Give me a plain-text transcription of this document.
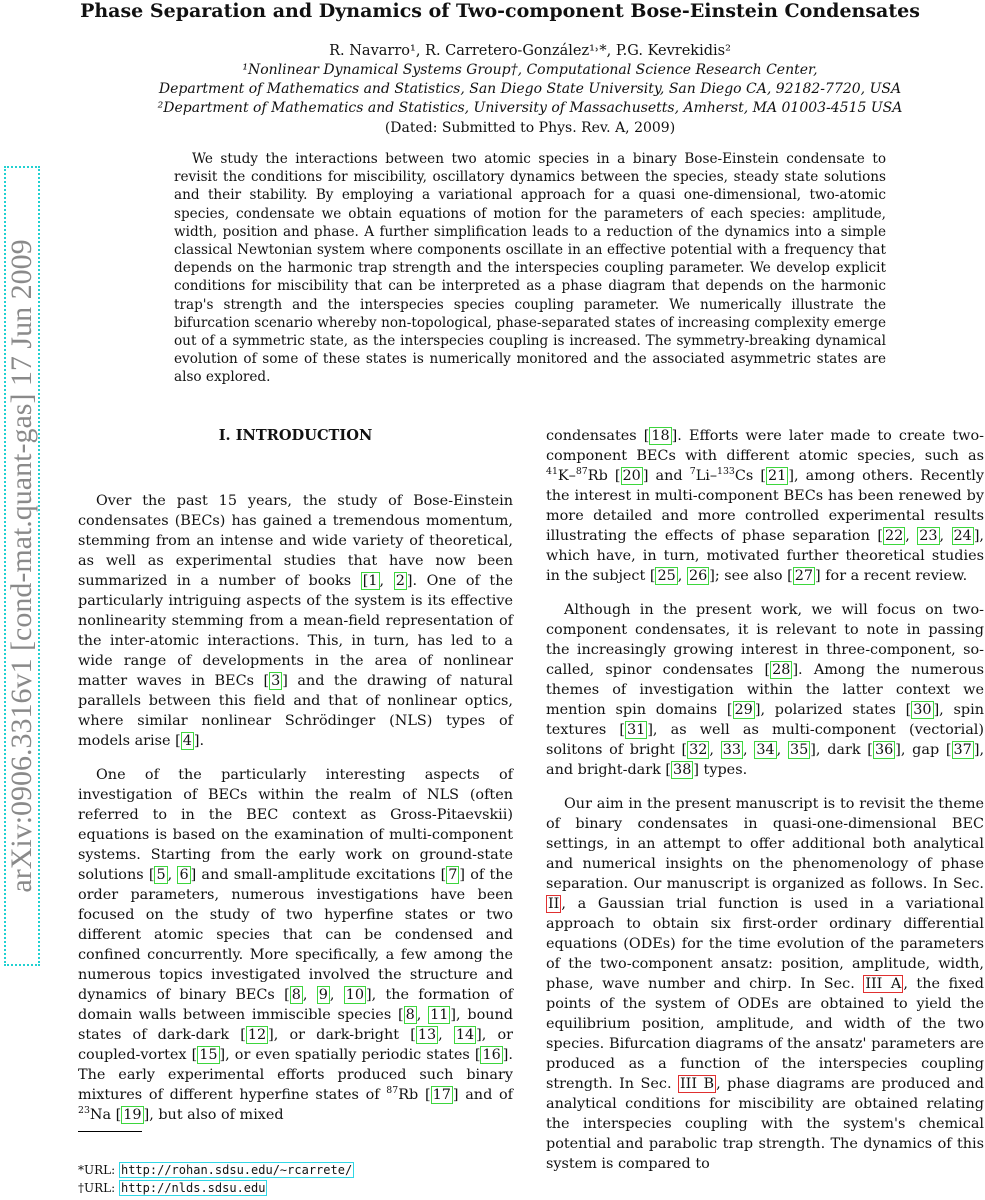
Phase Separation and Dynamics of Two-component Bose-Einstein Condensates
R. Navarro¹, R. Carretero-González¹˒*, P.G. Kevrekidis²
¹Nonlinear Dynamical Systems Group†, Computational Science Research Center,
Department of Mathematics and Statistics, San Diego State University, San Diego CA, 92182-7720, USA
²Department of Mathematics and Statistics, University of Massachusetts, Amherst, MA 01003-4515 USA
(Dated: Submitted to Phys. Rev. A, 2009)
arXiv:0906.3316v1 [cond-mat.quant-gas] 17 Jun 2009
We study the interactions between two atomic species in a binary Bose-Einstein condensate to revisit the conditions for miscibility, oscillatory dynamics between the species, steady state solutions and their stability. By employing a variational approach for a quasi one-dimensional, two-atomic species, condensate we obtain equations of motion for the parameters of each species: amplitude, width, position and phase. A further simplification leads to a reduction of the dynamics into a simple classical Newtonian system where components oscillate in an effective potential with a frequency that depends on the harmonic trap strength and the interspecies coupling parameter. We develop explicit conditions for miscibility that can be interpreted as a phase diagram that depends on the harmonic trap's strength and the interspecies species coupling parameter. We numerically illustrate the bifurcation scenario whereby non-topological, phase-separated states of increasing complexity emerge out of a symmetric state, as the interspecies coupling is increased. The symmetry-breaking dynamical evolution of some of these states is numerically monitored and the associated asymmetric states are also explored.
I. INTRODUCTION

Over the past 15 years, the study of Bose-Einstein condensates (BECs) has gained a tremendous momentum, stemming from an intense and wide variety of theoretical, as well as experimental studies that have now been summarized in a number of books [1 , 2 ]. One of the particularly intriguing aspects of the system is its effective nonlinearity stemming from a mean-field representation of the inter-atomic interactions. This, in turn, has led to a wide range of developments in the area of nonlinear matter waves in BECs [ 3 ] and the drawing of natural parallels between this field and that of nonlinear optics, where similar nonlinear Schrödinger (NLS) types of models arise [ 4 ].

One of the particularly interesting aspects of investigation of BECs within the realm of NLS (often referred to in the BEC context as Gross-Pitaevskii) equations is based on the examination of multi-component systems. Starting from the early work on ground-state solutions [ 5 , 6 ] and small-amplitude excitations [ 7 ] of the order parameters, numerous investigations have been focused on the study of two hyperfine states or two different atomic species that can be condensed and confined concurrently. More specifically, a few among the numerous topics investigated involved the structure and dynamics of binary BECs [ 8 , 9 , 10 ], the formation of domain walls between immiscible species [ 8 , 11 ], bound states of dark-dark [ 12 ], or dark-bright [ 13 , 14 ], or coupled-vortex [ 15 ], or even spatially periodic states [ 16 ]. The early experimental efforts produced such binary mixtures of different hyperfine states of $^{87}$Rb [ 17 ] and of $^{23}$Na [ 19 ], but also of mixed

condensates [ 18 ]. Efforts were later made to create two-component BECs with different atomic species, such as $^{41}$K–$^{87}$Rb [ 20 ] and $^7$Li–$^{133}$Cs [ 21 ], among others. Recently the interest in multi-component BECs has been renewed by more detailed and more controlled experimental results illustrating the effects of phase separation [ 22 , 23 , 24 ], which have, in turn, motivated further theoretical studies in the subject [ 25 , 26 ]; see also [ 27 ] for a recent review.

Although in the present work, we will focus on two-component condensates, it is relevant to note in passing the increasingly growing interest in three-component, so-called, spinor condensates [ 28 ]. Among the numerous themes of investigation within the latter context we mention spin domains [ 29 ], polarized states [ 30 ], spin textures [ 31 ], as well as multi-component (vectorial) solitons of bright [ 32 , 33 , 34 , 35 ], dark [ 36 ], gap [ 37 ], and bright-dark [ 38 ] types.

Our aim in the present manuscript is to revisit the theme of binary condensates in quasi-one-dimensional BEC settings, in an attempt to offer additional both analytical and numerical insights on the phenomenology of phase separation. Our manuscript is organized as follows. In Sec. II , a Gaussian trial function is used in a variational approach to obtain six first-order ordinary differential equations (ODEs) for the time evolution of the parameters of the two-component ansatz: position, amplitude, width, phase, wave number and chirp. In Sec. III A , the fixed points of the system of ODEs are obtained to yield the equilibrium position, amplitude, and width of the two species. Bifurcation diagrams of the ansatz' parameters are produced as a function of the interspecies coupling strength. In Sec. III B , phase diagrams are produced and analytical conditions for miscibility are obtained relating the interspecies coupling with the system's chemical potential and parabolic trap strength. The dynamics of this system is compared to

*URL: http://rohan.sdsu.edu/∼rcarrete/
†URL: http://nlds.sdsu.edu
